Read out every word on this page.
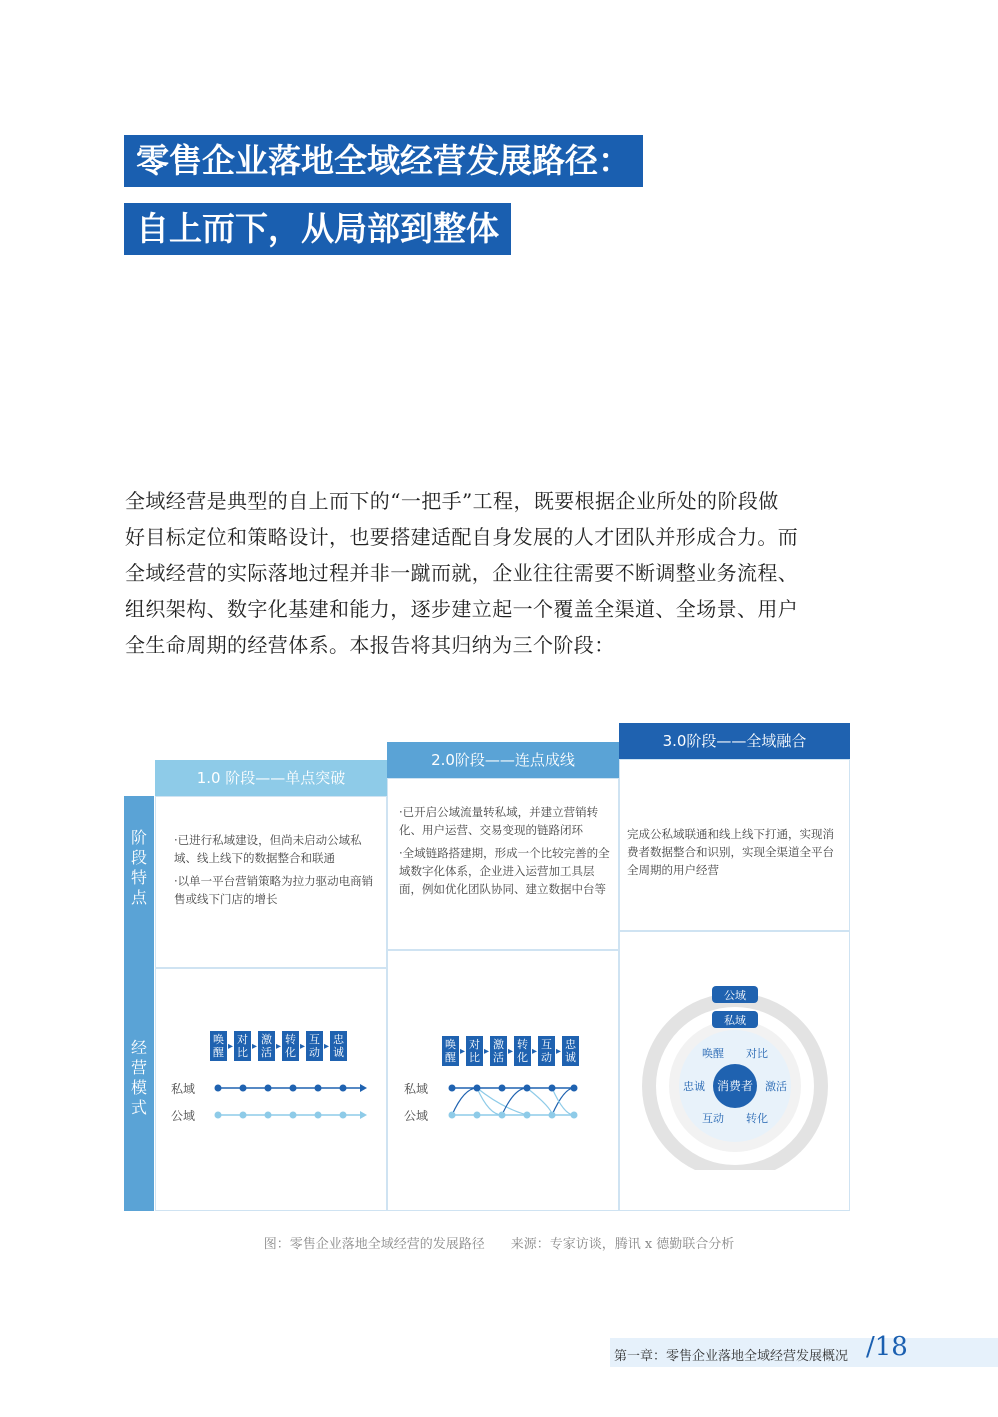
零售企业落地全域经营发展路径：
自上而下，从局部到整体

全域经营是典型的自上而下的“一把手”工程，既要根据企业所处的阶段做

好目标定位和策略设计，也要搭建适配自身发展的人才团队并形成合力。而

全域经营的实际落地过程并非一蹴而就，企业往往需要不断调整业务流程、

组织架构、数字化基建和能力，逐步建立起一个覆盖全渠道、全场景、用户

全生命周期的经营体系。本报告将其归纳为三个阶段：

阶
段
特
点
经
营
模
式
1.0 阶段——单点突破
2.0阶段——连点成线
3.0阶段——全域融合

·已进行私域建设，但尚未启动公域私域、线上线下的数据整合和联通

·以单一平台营销策略为拉力驱动电商销售或线下门店的增长

·已开启公域流量转私域，并建立营销转化、用户运营、交易变现的链路闭环

·全域链路搭建期，形成一个比较完善的全域数字化体系，企业进入运营加工具层面，例如优化团队协同、建立数据中台等

完成公私域联通和线上线下打通，实现消费者数据整合和识别，实现全渠道全平台全周期的用户经营

唤醒 ▸ 对比 ▸ 激活 ▸ 转化 ▸ 互动 ▸ 忠诚
私域
公域
唤醒 ▸ 对比 ▸ 激活 ▸ 转化 ▸ 互动 ▸ 忠诚
私域
公域
公域
私域
消费者
唤醒 对比
激活
转化
互动
忠诚
图：零售企业落地全域经营的发展路径　　来源：专家访谈，腾讯 x 德勤联合分析
第一章：零售企业落地全域经营发展概况 /18
